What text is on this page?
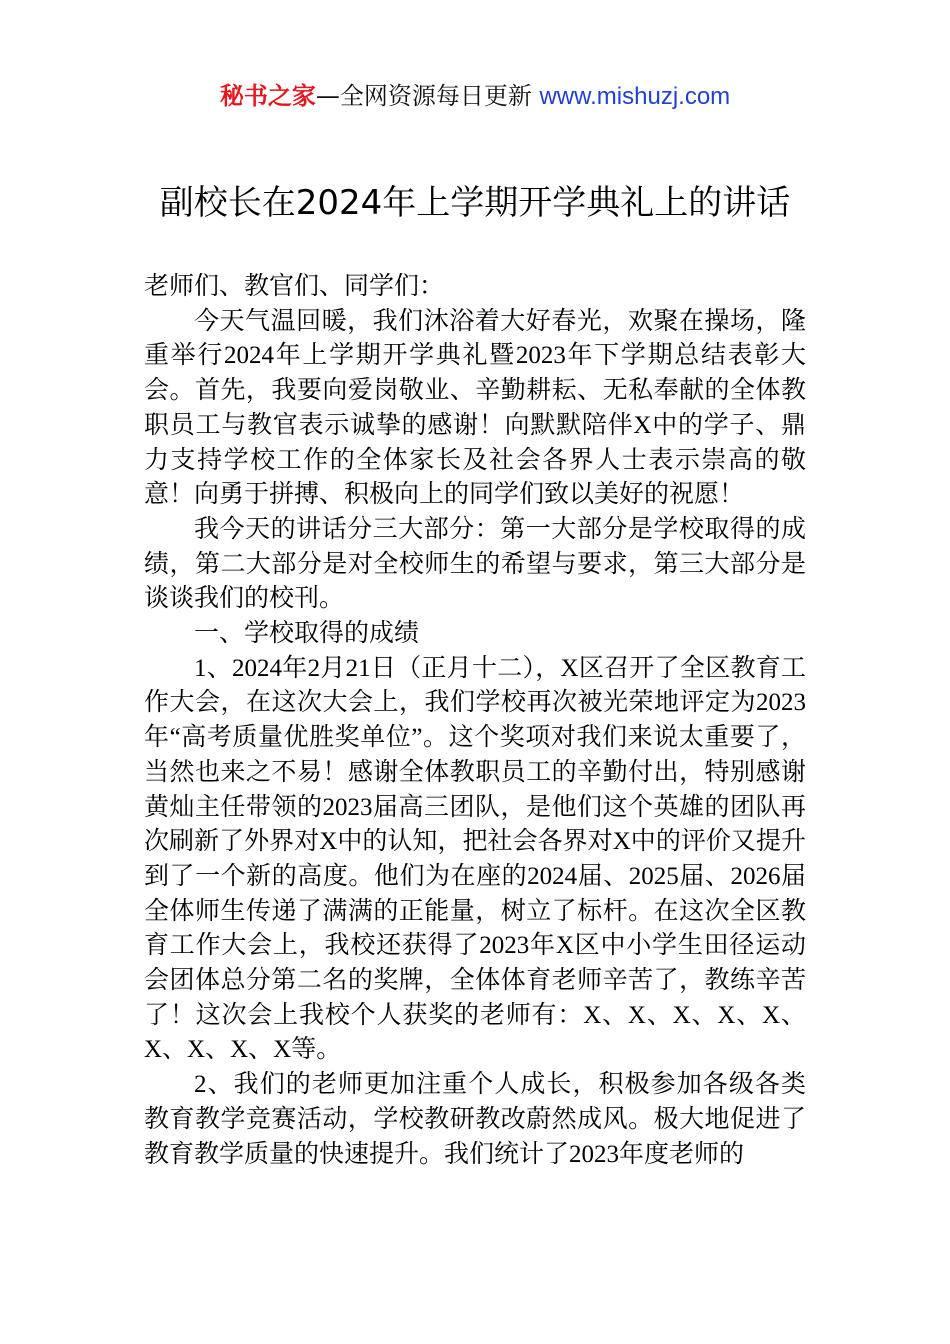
秘书之家—全网资源每日更新 www.mishuzj.com
副校长在2024年上学期开学典礼上的讲话

老师们、教官们、同学们：

今天气温回暖，我们沐浴着大好春光，欢聚在操场，隆重举行2024年上学期开学典礼暨2023年下学期总结表彰大会。首先，我要向爱岗敬业、辛勤耕耘、无私奉献的全体教职员工与教官表示诚挚的感谢！向默默陪伴X中的学子、鼎力支持学校工作的全体家长及社会各界人士表示崇高的敬意！向勇于拼搏、积极向上的同学们致以美好的祝愿！

我今天的讲话分三大部分：第一大部分是学校取得的成绩，第二大部分是对全校师生的希望与要求，第三大部分是谈谈我们的校刊。

一、学校取得的成绩

1、2024年2月21日（正月十二），X区召开了全区教育工作大会，在这次大会上，我们学校再次被光荣地评定为2023年“高考质量优胜奖单位”。这个奖项对我们来说太重要了，当然也来之不易！感谢全体教职员工的辛勤付出，特别感谢黄灿主任带领的2023届高三团队，是他们这个英雄的团队再次刷新了外界对X中的认知，把社会各界对X中的评价又提升到了一个新的高度。他们为在座的2024届、2025届、2026届全体师生传递了满满的正能量，树立了标杆。在这次全区教育工作大会上，我校还获得了2023年X区中小学生田径运动会团体总分第二名的奖牌，全体体育老师辛苦了，教练辛苦了！这次会上我校个人获奖的老师有：X、X、X、X、X、X、X、X、X等。

2、我们的老师更加注重个人成长，积极参加各级各类教育教学竞赛活动，学校教研教改蔚然成风。极大地促进了教育教学质量的快速提升。我们统计了2023年度老师的
